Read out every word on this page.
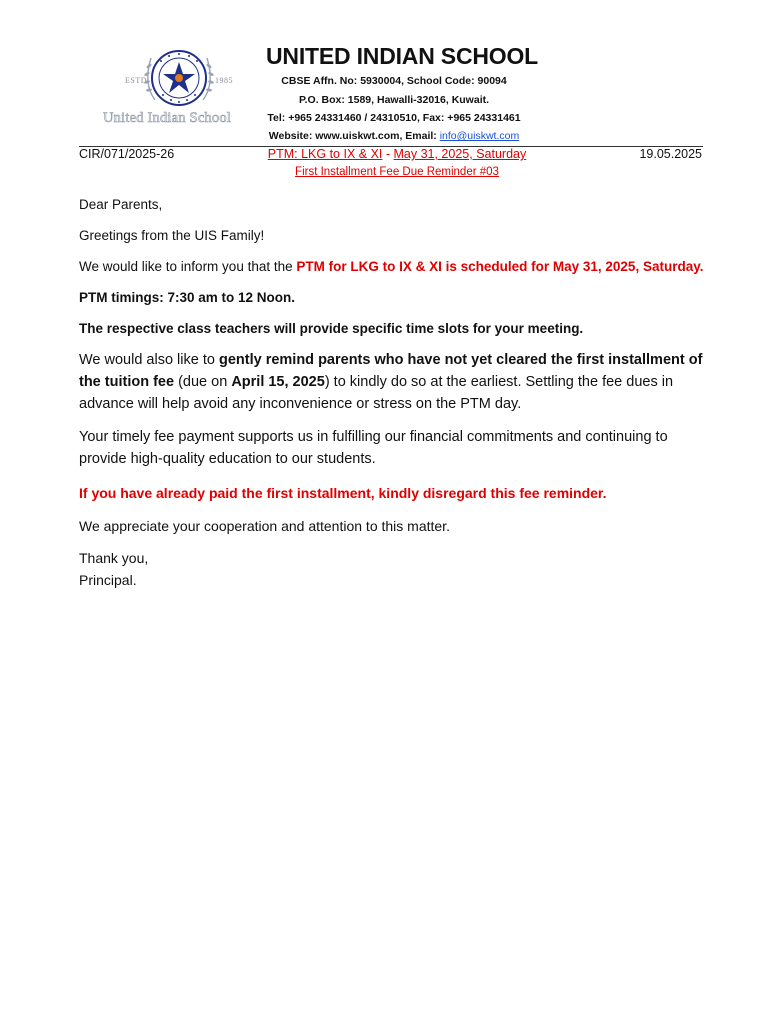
ESTD	1985
United Indian School
UNITED INDIAN SCHOOL
CBSE Affn. No: 5930004, School Code: 90094
P.O. Box: 1589, Hawalli-32016, Kuwait.
Tel: +965 24331460 / 24310510, Fax: +965 24331461
Website: www.uiskwt.com, Email: info@uiskwt.com
CIR/071/2025-26	PTM: LKG to IX & XI - May 31, 2025, Saturday
First Installment Fee Due Reminder #03
19.05.2025
Dear Parents,
Greetings from the UIS Family!
We would like to inform you that the PTM for LKG to IX & XI is scheduled for May 31, 2025, Saturday.
PTM timings: 7:30 am to 12 Noon.
The respective class teachers will provide specific time slots for your meeting.
We would also like to gently remind parents who have not yet cleared the first installment of the tuition fee (due on April 15, 2025) to kindly do so at the earliest. Settling the fee dues in advance will help avoid any inconvenience or stress on the PTM day.
Your timely fee payment supports us in fulfilling our financial commitments and continuing to provide high-quality education to our students.
If you have already paid the first installment, kindly disregard this fee reminder.
We appreciate your cooperation and attention to this matter.
Thank you,
Principal.
